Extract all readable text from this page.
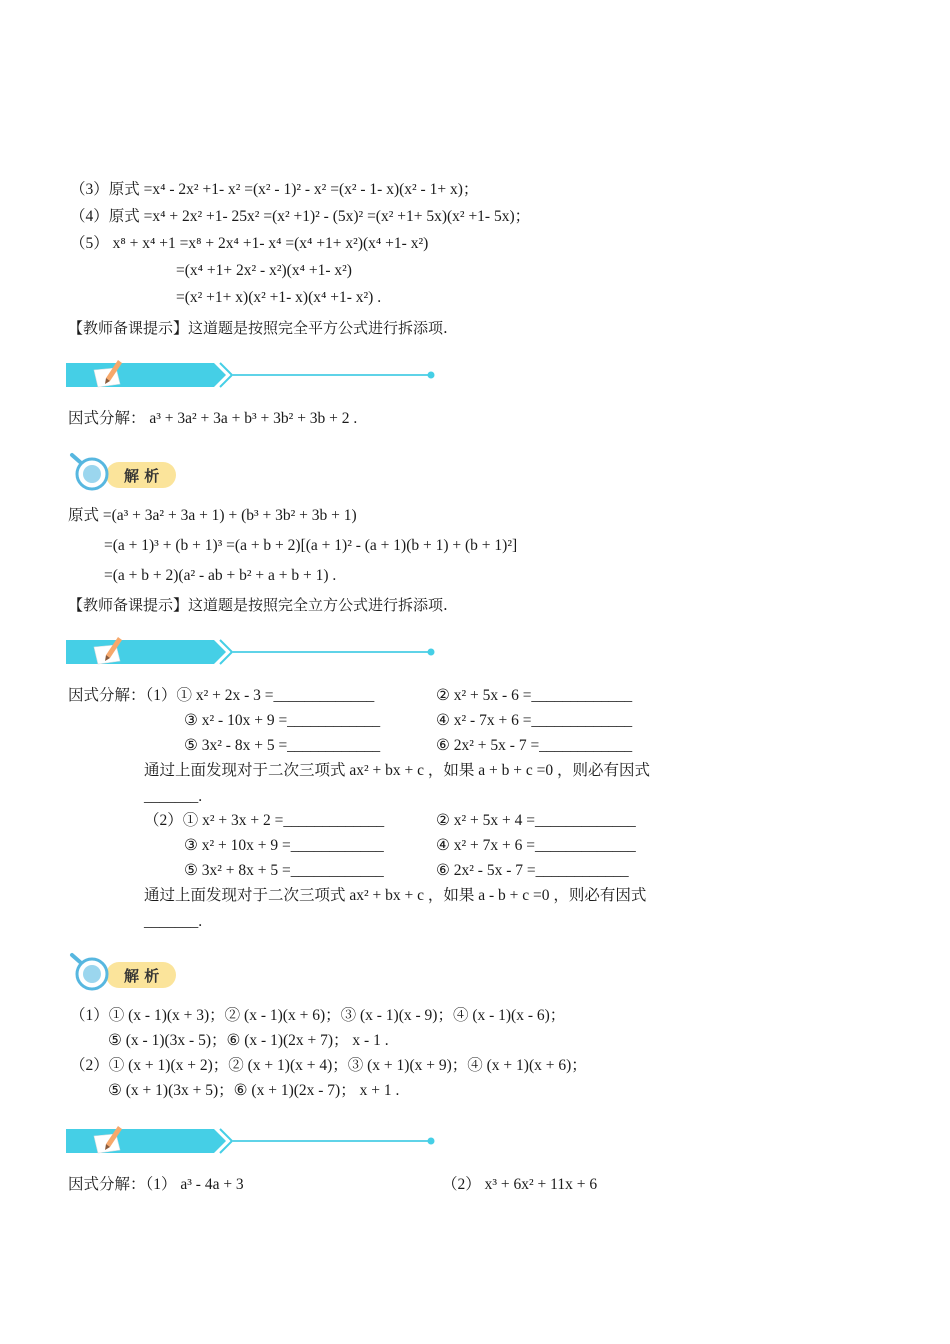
（3）原式 =x⁴ - 2x² +1- x² =(x² - 1)² - x² =(x² - 1- x)(x² - 1+ x)；
（4）原式 =x⁴ + 2x² +1- 25x² =(x² +1)² - (5x)² =(x² +1+ 5x)(x² +1- 5x)；
（5） x⁸ + x⁴ +1 =x⁸ + 2x⁴ +1- x⁴ =(x⁴ +1+ x²)(x⁴ +1- x²)
=(x⁴ +1+ 2x² - x²)(x⁴ +1- x²)
=(x² +1+ x)(x² +1- x)(x⁴ +1- x²) .
【教师备课提示】这道题是按照完全平方公式进行拆添项.
因式分解： a³ + 3a² + 3a + b³ + 3b² + 3b + 2 .
解 析
原式 =(a³ + 3a² + 3a + 1) + (b³ + 3b² + 3b + 1)
=(a + 1)³ + (b + 1)³ =(a + b + 2)[(a + 1)² - (a + 1)(b + 1) + (b + 1)²]
=(a + b + 2)(a² - ab + b² + a + b + 1) .
【教师备课提示】这道题是按照完全立方公式进行拆添项.
因式分解：（1）① x² + 2x - 3 =_____________	② x² + 5x - 6 =_____________
③ x² - 10x + 9 =____________	④ x² - 7x + 6 =_____________
⑤ 3x² - 8x + 5 =____________	⑥ 2x² + 5x - 7 =____________
通过上面发现对于二次三项式 ax² + bx + c ，如果 a + b + c =0 ，则必有因式
_______.
（2）① x² + 3x + 2 =_____________	② x² + 5x + 4 =_____________
③ x² + 10x + 9 =____________	④ x² + 7x + 6 =_____________
⑤ 3x² + 8x + 5 =____________	⑥ 2x² - 5x - 7 =____________
通过上面发现对于二次三项式 ax² + bx + c ，如果 a - b + c =0 ，则必有因式
_______.
解 析
（1）① (x - 1)(x + 3)；② (x - 1)(x + 6)；③ (x - 1)(x - 9)；④ (x - 1)(x - 6)；
⑤ (x - 1)(3x - 5)；⑥ (x - 1)(2x + 7)； x - 1 .
（2）① (x + 1)(x + 2)；② (x + 1)(x + 4)；③ (x + 1)(x + 9)；④ (x + 1)(x + 6)；
⑤ (x + 1)(3x + 5)；⑥ (x + 1)(2x - 7)； x + 1 .
因式分解：（1） a³ - 4a + 3	（2） x³ + 6x² + 11x + 6
